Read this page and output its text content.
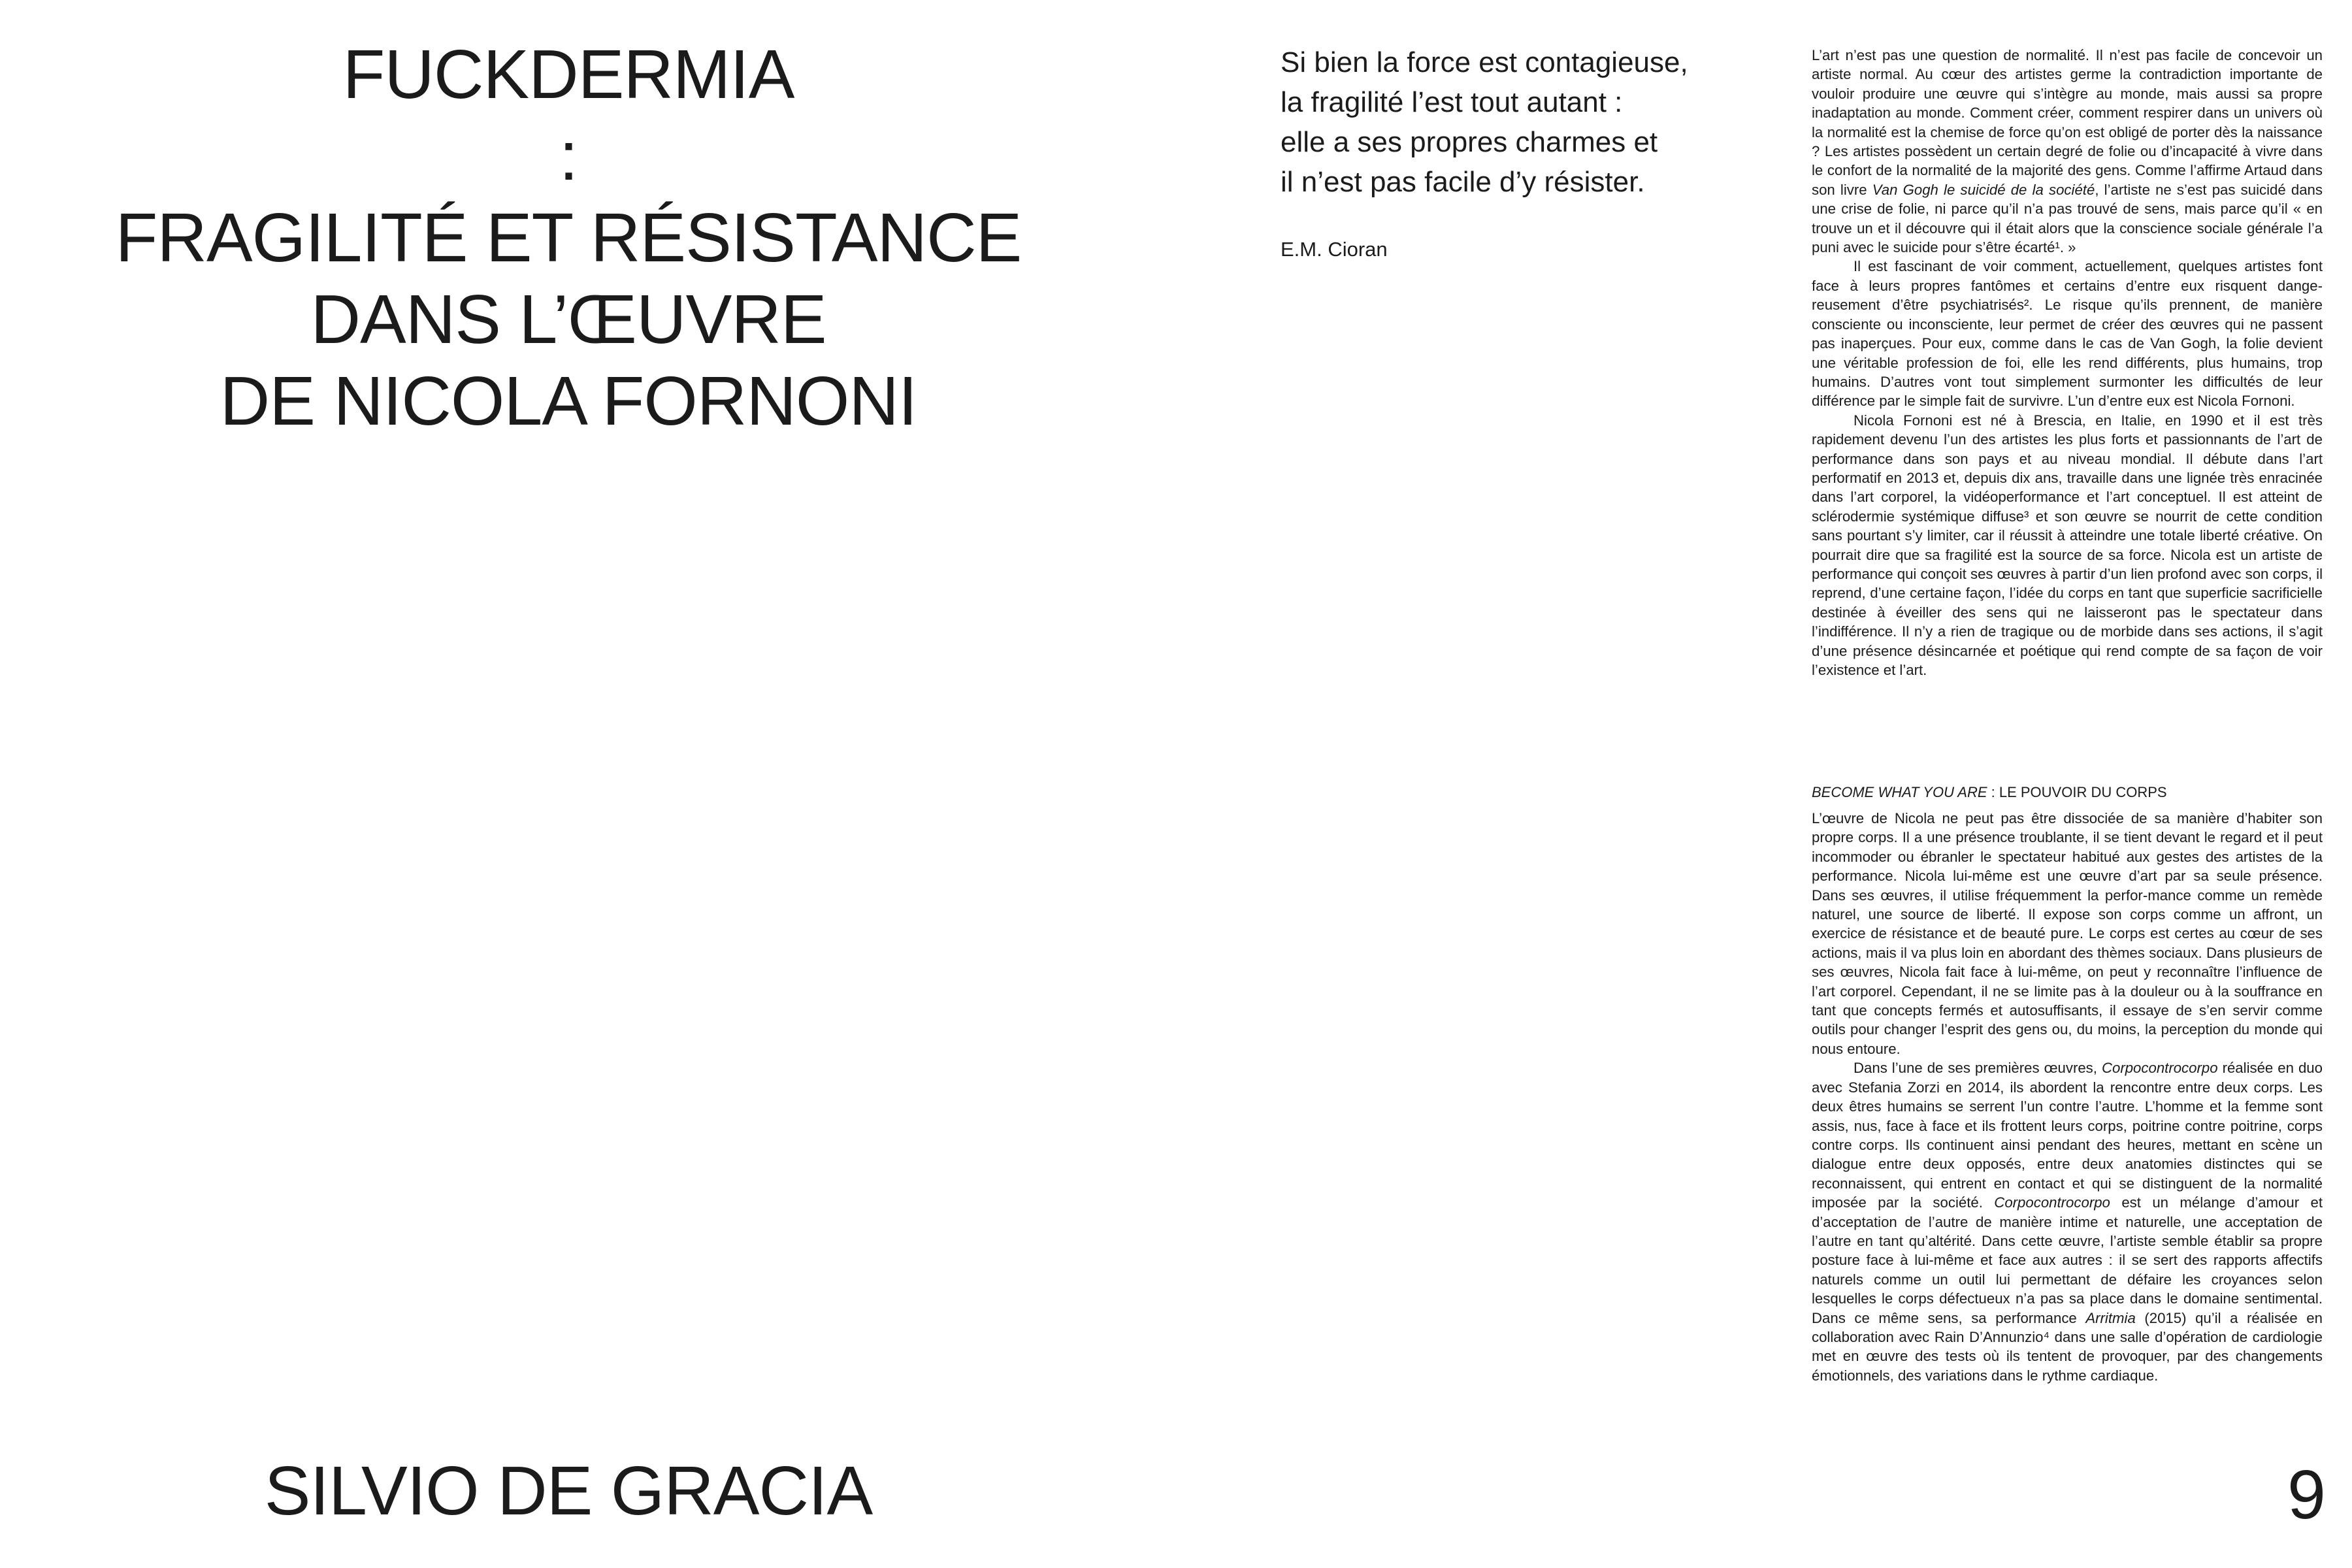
FUCKDERMIA
:
FRAGILITÉ ET RÉSISTANCE
DANS L’ŒUVRE
DE NICOLA FORNONI
SILVIO DE GRACIA
Si bien la force est contagieuse,
la fragilité l’est tout autant :
elle a ses propres charmes et
il n’est pas facile d’y résister.
E.M. Cioran

L’art n’est pas une question de normalité. Il n’est pas facile de concevoir un artiste normal. Au cœur des artistes germe la contradiction importante de vouloir produire une œuvre qui s’intègre au monde, mais aussi sa propre inadaptation au monde. Comment créer, comment respirer dans un univers où la normalité est la chemise de force qu’on est obligé de porter dès la naissance ? Les artistes possèdent un certain degré de folie ou d’incapacité à vivre dans le confort de la normalité de la majorité des gens. Comme l’affirme Artaud dans son livre Van Gogh le suicidé de la société, l’artiste ne s’est pas suicidé dans une crise de folie, ni parce qu’il n’a pas trouvé de sens, mais parce qu’il « en trouve un et il découvre qui il était alors que la conscience sociale générale l’a puni avec le suicide pour s’être écarté¹. »

Il est fascinant de voir comment, actuellement, quelques artistes font face à leurs propres fantômes et certains d’entre eux risquent dange-reusement d’être psychiatrisés². Le risque qu’ils prennent, de manière consciente ou inconsciente, leur permet de créer des œuvres qui ne passent pas inaperçues. Pour eux, comme dans le cas de Van Gogh, la folie devient une véritable profession de foi, elle les rend différents, plus humains, trop humains. D’autres vont tout simplement surmonter les difficultés de leur différence par le simple fait de survivre. L’un d’entre eux est Nicola Fornoni.

Nicola Fornoni est né à Brescia, en Italie, en 1990 et il est très rapidement devenu l’un des artistes les plus forts et passionnants de l’art de performance dans son pays et au niveau mondial. Il débute dans l’art performatif en 2013 et, depuis dix ans, travaille dans une lignée très enracinée dans l’art corporel, la vidéoperformance et l’art conceptuel. Il est atteint de sclérodermie systémique diffuse³ et son œuvre se nourrit de cette condition sans pourtant s’y limiter, car il réussit à atteindre une totale liberté créative. On pourrait dire que sa fragilité est la source de sa force. Nicola est un artiste de performance qui conçoit ses œuvres à partir d’un lien profond avec son corps, il reprend, d’une certaine façon, l’idée du corps en tant que superficie sacrificielle destinée à éveiller des sens qui ne laisseront pas le spectateur dans l’indifférence. Il n’y a rien de tragique ou de morbide dans ses actions, il s’agit d’une présence désincarnée et poétique qui rend compte de sa façon de voir l’existence et l’art.

BECOME WHAT YOU ARE : LE POUVOIR DU CORPS

L’œuvre de Nicola ne peut pas être dissociée de sa manière d’habiter son propre corps. Il a une présence troublante, il se tient devant le regard et il peut incommoder ou ébranler le spectateur habitué aux gestes des artistes de la performance. Nicola lui-même est une œuvre d’art par sa seule présence. Dans ses œuvres, il utilise fréquemment la perfor-mance comme un remède naturel, une source de liberté. Il expose son corps comme un affront, un exercice de résistance et de beauté pure. Le corps est certes au cœur de ses actions, mais il va plus loin en abordant des thèmes sociaux. Dans plusieurs de ses œuvres, Nicola fait face à lui-même, on peut y reconnaître l’influence de l’art corporel. Cependant, il ne se limite pas à la douleur ou à la souffrance en tant que concepts fermés et autosuffisants, il essaye de s’en servir comme outils pour changer l’esprit des gens ou, du moins, la perception du monde qui nous entoure.

Dans l’une de ses premières œuvres, Corpocontrocorpo réalisée en duo avec Stefania Zorzi en 2014, ils abordent la rencontre entre deux corps. Les deux êtres humains se serrent l’un contre l’autre. L’homme et la femme sont assis, nus, face à face et ils frottent leurs corps, poitrine contre poitrine, corps contre corps. Ils continuent ainsi pendant des heures, mettant en scène un dialogue entre deux opposés, entre deux anatomies distinctes qui se reconnaissent, qui entrent en contact et qui se distinguent de la normalité imposée par la société. Corpocontrocorpo est un mélange d’amour et d’acceptation de l’autre de manière intime et naturelle, une acceptation de l’autre en tant qu’altérité. Dans cette œuvre, l’artiste semble établir sa propre posture face à lui-même et face aux autres : il se sert des rapports affectifs naturels comme un outil lui permettant de défaire les croyances selon lesquelles le corps défectueux n’a pas sa place dans le domaine sentimental. Dans ce même sens, sa performance Arritmia (2015) qu’il a réalisée en collaboration avec Rain D’Annunzio⁴ dans une salle d’opération de cardiologie met en œuvre des tests où ils tentent de provoquer, par des changements émotionnels, des variations dans le rythme cardiaque.

9
